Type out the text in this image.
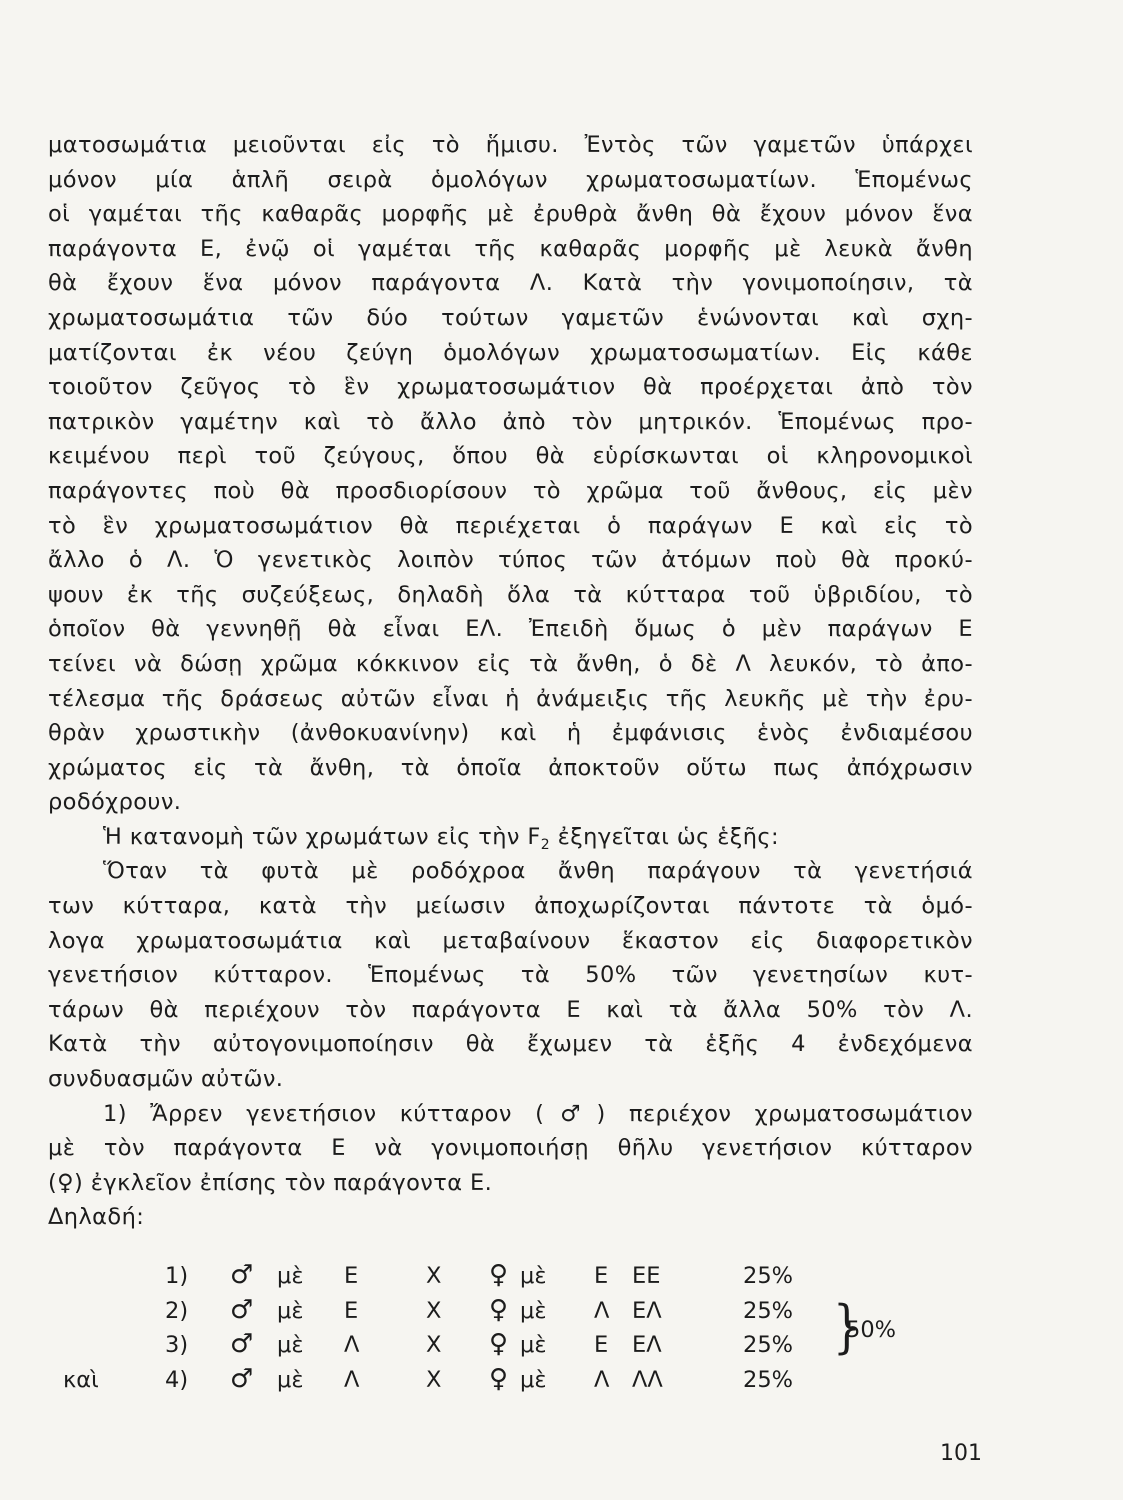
ματοσωμάτια μειοῦνται εἰς τὸ ἥμισυ. Ἐντὸς τῶν γαμετῶν ὑπάρχει
μόνον μία ἁπλῆ σειρὰ ὁμολόγων χρωματοσωματίων. Ἑπομένως
οἱ γαμέται τῆς καθαρᾶς μορφῆς μὲ ἐρυθρὰ ἄνθη θὰ ἔχουν μόνον ἕνα
παράγοντα Ε, ἐνῷ οἱ γαμέται τῆς καθαρᾶς μορφῆς μὲ λευκὰ ἄνθη
θὰ ἔχουν ἕνα μόνον παράγοντα Λ. Κατὰ τὴν γονιμοποίησιν, τὰ
χρωματοσωμάτια τῶν δύο τούτων γαμετῶν ἑνώνονται καὶ σχη-
ματίζονται ἐκ νέου ζεύγη ὁμολόγων χρωματοσωματίων. Εἰς κάθε
τοιοῦτον ζεῦγος τὸ ἓν χρωματοσωμάτιον θὰ προέρχεται ἀπὸ τὸν
πατρικὸν γαμέτην καὶ τὸ ἄλλο ἀπὸ τὸν μητρικόν. Ἑπομένως προ-
κειμένου περὶ τοῦ ζεύγους, ὅπου θὰ εὑρίσκωνται οἱ κληρονομικοὶ
παράγοντες ποὺ θὰ προσδιορίσουν τὸ χρῶμα τοῦ ἄνθους, εἰς μὲν
τὸ ἓν χρωματοσωμάτιον θὰ περιέχεται ὁ παράγων Ε καὶ εἰς τὸ
ἄλλο ὁ Λ. Ὁ γενετικὸς λοιπὸν τύπος τῶν ἀτόμων ποὺ θὰ προκύ-
ψουν ἐκ τῆς συζεύξεως, δηλαδὴ ὅλα τὰ κύτταρα τοῦ ὑβριδίου, τὸ
ὁποῖον θὰ γεννηθῇ θὰ εἶναι ΕΛ. Ἐπειδὴ ὅμως ὁ μὲν παράγων Ε
τείνει νὰ δώσῃ χρῶμα κόκκινον εἰς τὰ ἄνθη, ὁ δὲ Λ λευκόν, τὸ ἀπο-
τέλεσμα τῆς δράσεως αὐτῶν εἶναι ἡ ἀνάμειξις τῆς λευκῆς μὲ τὴν ἐρυ-
θρὰν χρωστικὴν (ἀνθοκυανίνην) καὶ ἡ ἐμφάνισις ἑνὸς ἐνδιαμέσου
χρώματος εἰς τὰ ἄνθη, τὰ ὁποῖα ἀποκτοῦν οὕτω πως ἀπόχρωσιν
ροδόχρουν.
Ἡ κατανομὴ τῶν χρωμάτων εἰς τὴν $F_2$ ἐξηγεῖται ὡς ἑξῆς:
Ὅταν τὰ φυτὰ μὲ ροδόχροα ἄνθη παράγουν τὰ γενετήσιά
των κύτταρα, κατὰ τὴν μείωσιν ἀποχωρίζονται πάντοτε τὰ ὁμό-
λογα χρωματοσωμάτια καὶ μεταβαίνουν ἕκαστον εἰς διαφορετικὸν
γενετήσιον κύτταρον. Ἑπομένως τὰ 50% τῶν γενετησίων κυτ-
τάρων θὰ περιέχουν τὸν παράγοντα Ε καὶ τὰ ἄλλα 50% τὸν Λ.
Κατὰ τὴν αὐτογονιμοποίησιν θὰ ἔχωμεν τὰ ἑξῆς 4 ἐνδεχόμενα
συνδυασμῶν αὐτῶν.
1) Ἄρρεν γενετήσιον κύτταρον (♂) περιέχον χρωματοσωμάτιον
μὲ τὸν παράγοντα Ε νὰ γονιμοποιήσῃ θῆλυ γενετήσιον κύτταρον
(♀) ἐγκλεῖον ἐπίσης τὸν παράγοντα Ε.
Δηλαδή:
1) ♂ μὲ Ε	Χ ♀ μὲ Ε ΕΕ	25%
2) ♂ μὲ Ε	Χ ♀ μὲ Λ ΕΛ	25%
3) ♂ μὲ Λ	Χ ♀ μὲ Ε ΕΛ	25%
καὶ	4) ♂ μὲ Λ	Χ ♀ μὲ Λ ΛΛ	25%
}
50%
101
